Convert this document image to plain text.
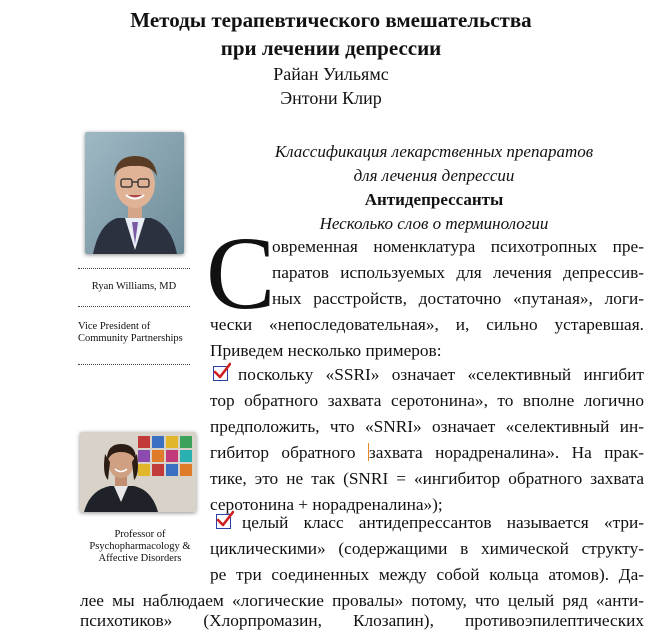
Методы терапевтического вмешательства
при лечении депрессии
Райан Уильямс
Энтони Клир
Ryan Williams, MD
Vice President of
Community Partnerships
Professor of
Psychopharmacology &
Affective Disorders
Классификация лекарственных препаратов
для лечения депрессии
Антидепрессанты
Несколько слов о терминологии
С
овременная номенклатура психотропных пре-
паратов используемых для лечения депрессив-
ных расстройств, достаточно «путаная», логи-
чески «непоследовательная», и, сильно устаревшая.
Приведем несколько примеров:
поскольку «SSRI» означает «селективный ингибит
тор обратного захвата серотонина», то вполне логично
предположить, что «SNRI» означает «селективный ин-
гибитор обратного захвата норадреналина». На прак-
тике, это не так (SNRI = «ингибитор обратного захвата
серотонина + норадреналина»);
целый класс антидепрессантов называется «три-
циклическими» (содержащими в химической структу-
ре три соединенных между собой кольца атомов). Да-
лее мы наблюдаем «логические провалы» потому, что целый ряд «анти-
психотиков» (Хлорпромазин, Клозапин), противоэпилептических
